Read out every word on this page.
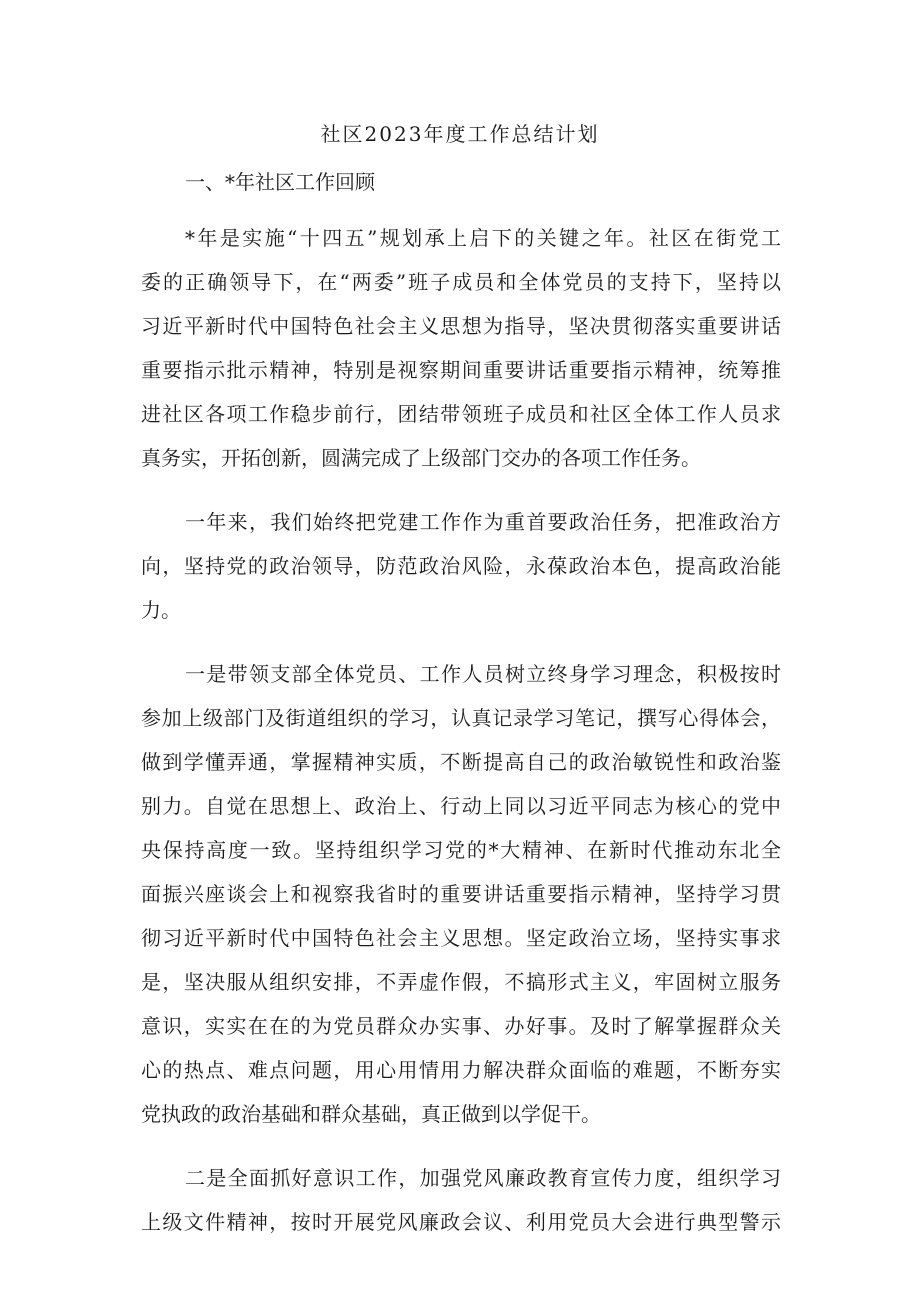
社区2023年度工作总结计划
一、*年社区工作回顾
*年是实施“十四五”规划承上启下的关键之年。社区在街党工
委的正确领导下，在“两委”班子成员和全体党员的支持下，坚持以
习近平新时代中国特色社会主义思想为指导，坚决贯彻落实重要讲话
重要指示批示精神，特别是视察期间重要讲话重要指示精神，统筹推
进社区各项工作稳步前行，团结带领班子成员和社区全体工作人员求
真务实，开拓创新，圆满完成了上级部门交办的各项工作任务。
一年来，我们始终把党建工作作为重首要政治任务，把准政治方
向，坚持党的政治领导，防范政治风险，永葆政治本色，提高政治能
力。
一是带领支部全体党员、工作人员树立终身学习理念，积极按时
参加上级部门及街道组织的学习，认真记录学习笔记，撰写心得体会，
做到学懂弄通，掌握精神实质，不断提高自己的政治敏锐性和政治鉴
别力。自觉在思想上、政治上、行动上同以习近平同志为核心的党中
央保持高度一致。坚持组织学习党的*大精神、在新时代推动东北全
面振兴座谈会上和视察我省时的重要讲话重要指示精神，坚持学习贯
彻习近平新时代中国特色社会主义思想。坚定政治立场，坚持实事求
是，坚决服从组织安排，不弄虚作假，不搞形式主义，牢固树立服务
意识，实实在在的为党员群众办实事、办好事。及时了解掌握群众关
心的热点、难点问题，用心用情用力解决群众面临的难题，不断夯实
党执政的政治基础和群众基础，真正做到以学促干。
二是全面抓好意识工作，加强党风廉政教育宣传力度，组织学习
上级文件精神，按时开展党风廉政会议、利用党员大会进行典型警示
